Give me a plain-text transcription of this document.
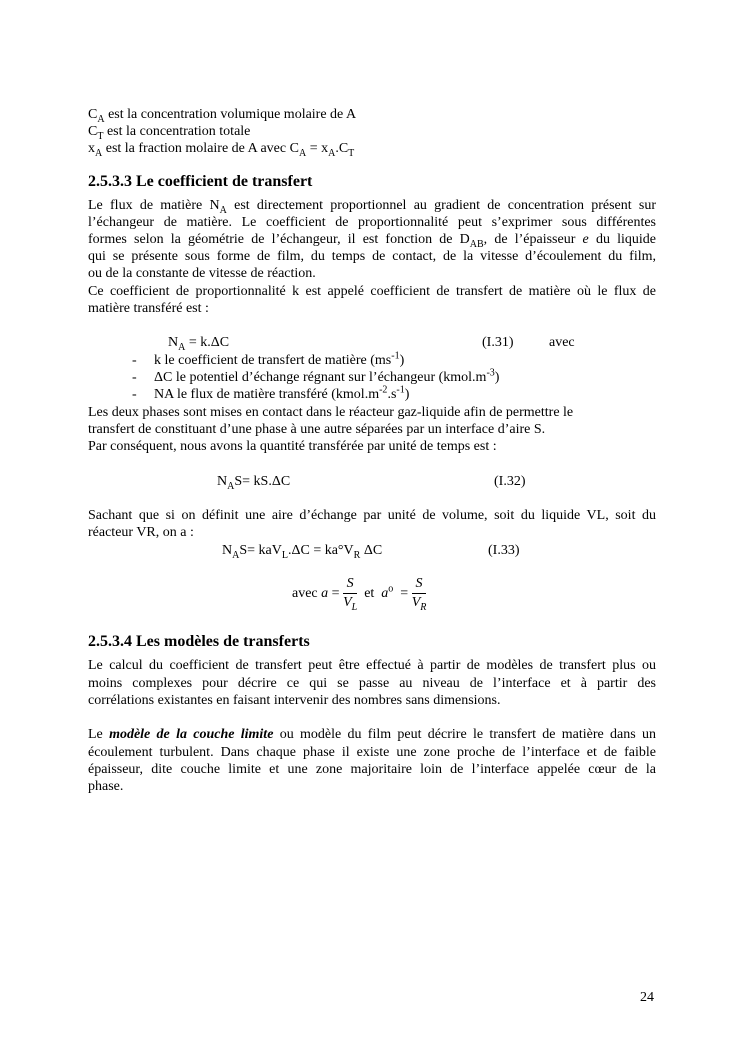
$C_A$ est la concentration volumique molaire de A
$C_T$ est la concentration totale
$x_A$ est la fraction molaire de A avec $C_A = x_A.C_T$
2.5.3.3 Le coefficient de transfert
Le flux de matière $N_A$ est directement proportionnel au gradient de concentration présent sur
l’échangeur de matière. Le coefficient de proportionnalité peut s’exprimer sous différentes
formes selon la géométrie de l’échangeur, il est fonction de $D_{AB}$, de l’épaisseur e du liquide
qui se présente sous forme de film, du temps de contact, de la vitesse d’écoulement du film,
ou de la constante de vitesse de réaction.
Ce coefficient de proportionnalité k est appelé coefficient de transfert de matière où le flux de
matière transféré est :
$N_A = k.\Delta C$	(I.31)	avec
- k le coefficient de transfert de matière $(ms^{-1})$
- ΔC le potentiel d’échange régnant sur l’échangeur $(kmol.m^{-3})$
- NA le flux de matière transféré $(kmol.m^{-2}.s^{-1})$
Les deux phases sont mises en contact dans le réacteur gaz-liquide afin de permettre le
transfert de constituant d’une phase à une autre séparées par un interface d’aire S.
Par conséquent, nous avons la quantité transférée par unité de temps est :
$N_AS= kS.\Delta C$	(I.32)
Sachant que si on définit une aire d’échange par unité de volume, soit du liquide VL, soit du
réacteur VR, on a :
$N_AS= kaV_L.\Delta C = ka^\circ V_R$ ΔC	(I.33)
avec $a = \frac{S}{V_L}$ et  $a^o = \frac{S}{V_R}$
2.5.3.4 Les modèles de transferts
Le calcul du coefficient de transfert peut être effectué à partir de modèles de transfert plus ou
moins complexes pour décrire ce qui se passe au niveau de l’interface et à partir des
corrélations existantes en faisant intervenir des nombres sans dimensions.
Le modèle de la couche limite ou modèle du film peut décrire le transfert de matière dans un
écoulement turbulent. Dans chaque phase il existe une zone proche de l’interface et de faible
épaisseur, dite couche limite et une zone majoritaire loin de l’interface appelée cœur de la
phase.
24
